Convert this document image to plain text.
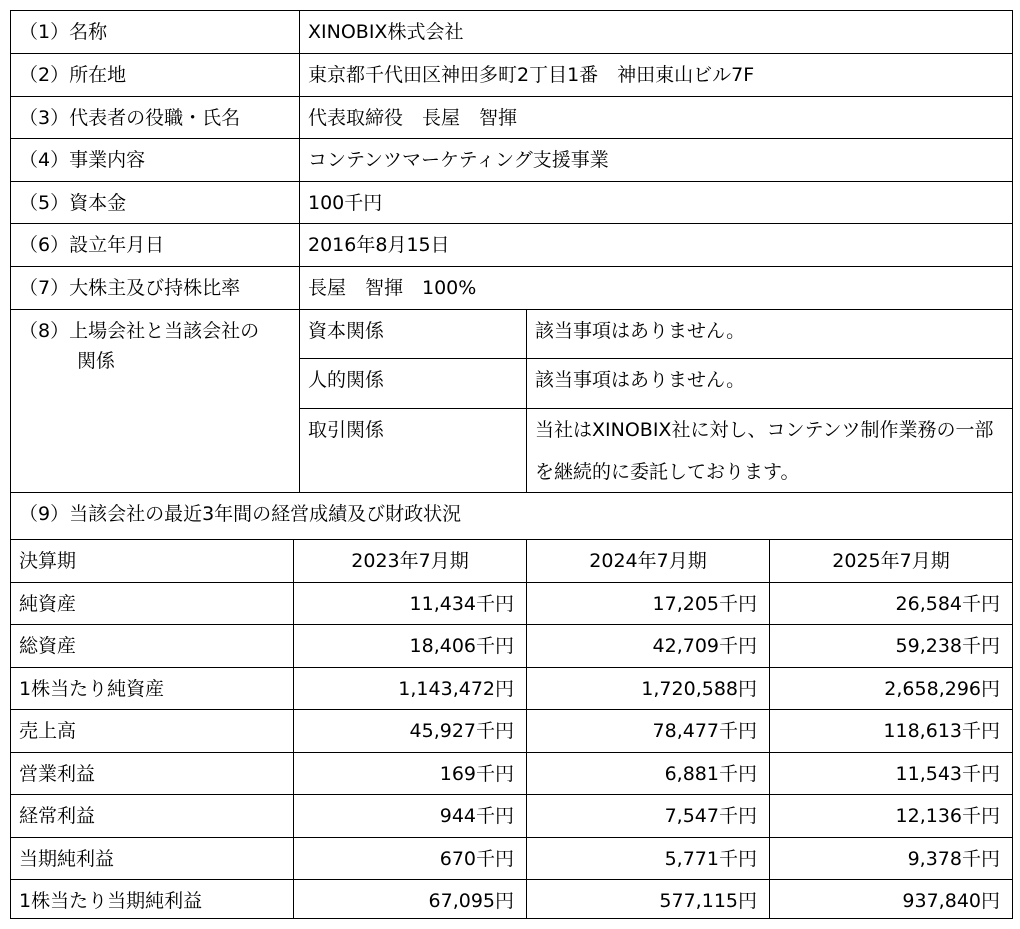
（1）名称	XINOBIX株式会社
（2）所在地	東京都千代田区神田多町2丁目1番　神田東山ビル7F
（3）代表者の役職・氏名	代表取締役　長屋　智揮
（4）事業内容	コンテンツマーケティング支援事業
（5）資本金	100千円
（6）設立年月日	2016年8月15日
（7）大株主及び持株比率	長屋　智揮　100%
（8）上場会社と当該会社の
関係
資本関係	該当事項はありません。
人的関係	該当事項はありません。
取引関係	当社はXINOBIX社に対し、コンテンツ制作業務の一部を継続的に委託しております。
（9）当該会社の最近3年間の経営成績及び財政状況
決算期	2023年7月期	2024年7月期	2025年7月期
純資産	11,434千円	17,205千円	26,584千円
総資産	18,406千円	42,709千円	59,238千円
1株当たり純資産	1,143,472円	1,720,588円	2,658,296円
売上高	45,927千円	78,477千円	118,613千円
営業利益	169千円	6,881千円	11,543千円
経常利益	944千円	7,547千円	12,136千円
当期純利益	670千円	5,771千円	9,378千円
1株当たり当期純利益	67,095円	577,115円	937,840円
